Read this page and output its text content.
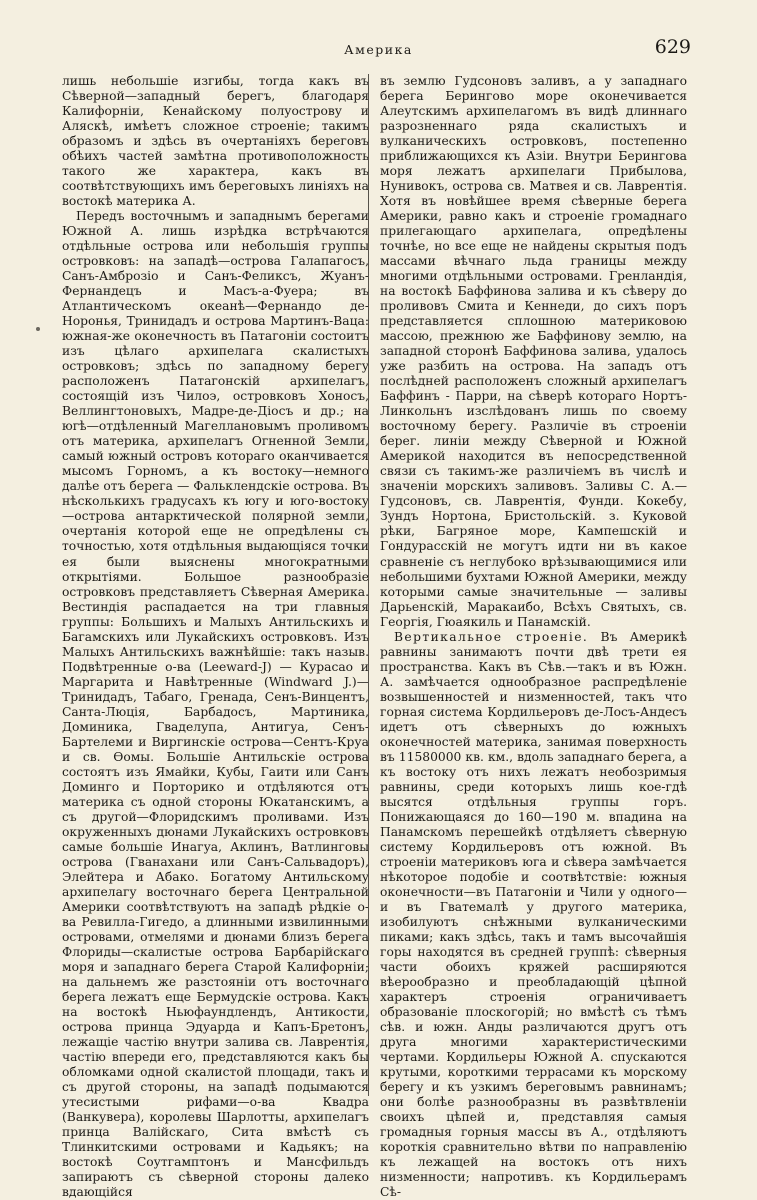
Америка	629

лишь небольшіе изгибы, тогда какъ въ Сѣверной—западный берегъ, благодаря Калифорніи, Кенайскому полуострову и Аляскѣ, имѣетъ сложное строеніе; такимъ образомъ и здѣсь въ очертаніяхъ береговъ обѣихъ частей замѣтна противоположность такого же характера, какъ въ соотвѣтствующихъ имъ береговыхъ линіяхъ на востокѣ материка А.

Передъ восточнымъ и западнымъ берегами Южной А. лишь изрѣдка встрѣчаются отдѣльные острова или небольшія группы островковъ: на западѣ—острова Галапагосъ, Санъ-Амброзіо и Санъ-Феликсъ, Жуанъ-Фернандецъ и Масъ-а-Фуера; въ Атлантическомъ океанѣ—Фернандо де-Норонья, Тринидадъ и острова Мартинъ-Ваца: южная-же оконечность въ Патагоніи состоитъ изъ цѣлаго архипелага скалистыхъ островковъ; здѣсь по западному берегу расположенъ Патагонскій архипелагъ, состоящій изъ Чилоэ, островковъ Хоносъ, Веллингтоновыхъ, Мадре-де-Діосъ и др.; на югѣ—отдѣленный Магеллановымъ проливомъ отъ материка, архипелагъ Огненной Земли, самый южный островъ котораго оканчивается мысомъ Горномъ, а къ востоку—немного далѣе отъ берега — Фальклендскіе острова. Въ нѣсколькихъ градусахъ къ югу и юго-востоку—острова антарктической полярной земли, очертанія которой еще не опредѣлены съ точностью, хотя отдѣльныя выдающіяся точки ея были выяснены многократными открытіями. Большое разнообразіе островковъ представляетъ Сѣверная Америка. Вестиндія распадается на три главныя группы: Большихъ и Малыхъ Антильскихъ и Багамскихъ или Лукайскихъ островковъ. Изъ Малыхъ Антильскихъ важнѣйшіе: такъ назыв. Подвѣтренные о-ва (Leeward-J) — Курасао и Маргарита и Навѣтренные (Windward J.)—Тринидадъ, Табаго, Гренада, Сенъ-Винцентъ, Санта-Люція, Барбадосъ, Мартиника, Доминика, Гваделупа, Антигуа, Сенъ-Бартелеми и Виргинскіе острова—Сентъ-Круа и св. Ѳомы. Большіе Антильскіе острова состоятъ изъ Ямайки, Кубы, Гаити или Санъ Доминго и Порторико и отдѣляются отъ материка съ одной стороны Юкатанскимъ, а съ другой—Флоридскимъ проливами. Изъ окруженныхъ дюнами Лукайскихъ островковъ самые большіе Инагуа, Аклинъ, Ватлинговы острова (Гванахани или Санъ-Сальвадоръ), Элейтера и Абако. Богатому Антильскому архипелагу восточнаго берега Центральной Америки соотвѣтствуютъ на западѣ рѣдкіе о-ва Ревилла-Гигедо, а длинными извилинными островами, отмелями и дюнами близъ берега Флориды—скалистые острова Барбарійскаго моря и западнаго берега Старой Калифорніи; на дальнемъ же разстояніи отъ восточнаго берега лежатъ еще Бермудскіе острова. Какъ на востокѣ Ньюфаундлендъ, Антикости, острова принца Эдуарда и Капъ-Бретонъ, лежащіе частію внутри залива св. Лаврентія, частію впереди его, представляются какъ бы обломками одной скалистой площади, такъ и съ другой стороны, на западѣ подымаются утесистыми рифами—о-ва Квадра (Ванкувера), королевы Шарлотты, архипелагъ принца Валійскаго, Сита вмѣстѣ съ Тлинкитскими островами и Кадьякъ; на востокѣ Соутгамптонъ и Мансфильдъ запираютъ съ сѣверной стороны далеко вдающійся

въ землю Гудсоновъ заливъ, а у западнаго берега Берингово море оконечивается Алеутскимъ архипелагомъ въ видѣ длиннаго разрозненнаго ряда скалистыхъ и вулканическихъ островковъ, постепенно приближающихся къ Азіи. Внутри Берингова моря лежатъ архипелаги Прибылова, Нунивокъ, острова св. Матвея и св. Лаврентія. Хотя въ новѣйшее время сѣверные берега Америки, равно какъ и строеніе громаднаго прилегающаго архипелага, опредѣлены точнѣе, но все еще не найдены скрытыя подъ массами вѣчнаго льда границы между многими отдѣльными островами. Гренландія, на востокѣ Баффинова залива и къ сѣверу до проливовъ Смита и Кеннеди, до сихъ поръ представляется сплошною материковою массою, прежнюю же Баффинову землю, на западной сторонѣ Баффинова залива, удалось уже разбить на острова. На западъ отъ послѣдней расположенъ сложный архипелагъ Баффинъ - Парри, на сѣверѣ котораго Нортъ-Линкольнъ изслѣдованъ лишь по своему восточному берегу. Различіе въ строеніи берег. линіи между Сѣверной и Южной Америкой находится въ непосредственной связи съ такимъ-же различіемъ въ числѣ и значеніи морскихъ заливовъ. Заливы С. А.—Гудсоновъ, св. Лаврентія, Фунди. Кокебу, Зундъ Нортона, Бристольскій. з. Куковой рѣки, Багряное море, Кампешскій и Гондурасскій не могутъ идти ни въ какое сравненіе съ неглубоко врѣзывающимися или небольшими бухтами Южной Америки, между которыми самые значительные — заливы Дарьенскій, Маракаибо, Всѣхъ Святыхъ, св. Георгія, Гюаякиль и Панамскій.

Вертикальное строеніе. Въ Америкѣ равнины занимаютъ почти двѣ трети ея пространства. Какъ въ Сѣв.—такъ и въ Южн. А. замѣчается однообразное распредѣленіе возвышенностей и низменностей, такъ что горная система Кордильеровъ де-Лосъ-Андесъ идетъ отъ сѣверныхъ до южныхъ оконечностей материка, занимая поверхность въ 11580000 кв. км., вдоль западнаго берега, а къ востоку отъ нихъ лежатъ необозримыя равнины, среди которыхъ лишь кое-гдѣ высятся отдѣльныя группы горъ. Понижающаяся до 160—190 м. впадина на Панамскомъ перешейкѣ отдѣляетъ сѣверную систему Кордильеровъ отъ южной. Въ строеніи материковъ юга и сѣвера замѣчается нѣкоторое подобіе и соотвѣтствіе: южныя оконечности—въ Патагоніи и Чили у одного—и въ Гватемалѣ у другого материка, изобилуютъ снѣжными вулканическими пиками; какъ здѣсь, такъ и тамъ высочайшія горы находятся въ средней группѣ: сѣверныя части обоихъ кряжей расширяются вѣерообразно и преобладающій цѣпной характеръ строенія ограничиваетъ образованіе плоскогорій; но вмѣстѣ съ тѣмъ сѣв. и южн. Анды различаются другъ отъ друга многими характеристическими чертами. Кордильеры Южной А. спускаются крутыми, короткими террасами къ морскому берегу и къ узкимъ береговымъ равнинамъ; они болѣе разнообразны въ развѣтвленіи своихъ цѣпей и, представляя самыя громадныя горныя массы въ А., отдѣляютъ короткія сравнительно вѣтви по направленію къ лежащей на востокъ отъ нихъ низменности; напротивъ. къ Кордильерамъ Сѣ-
